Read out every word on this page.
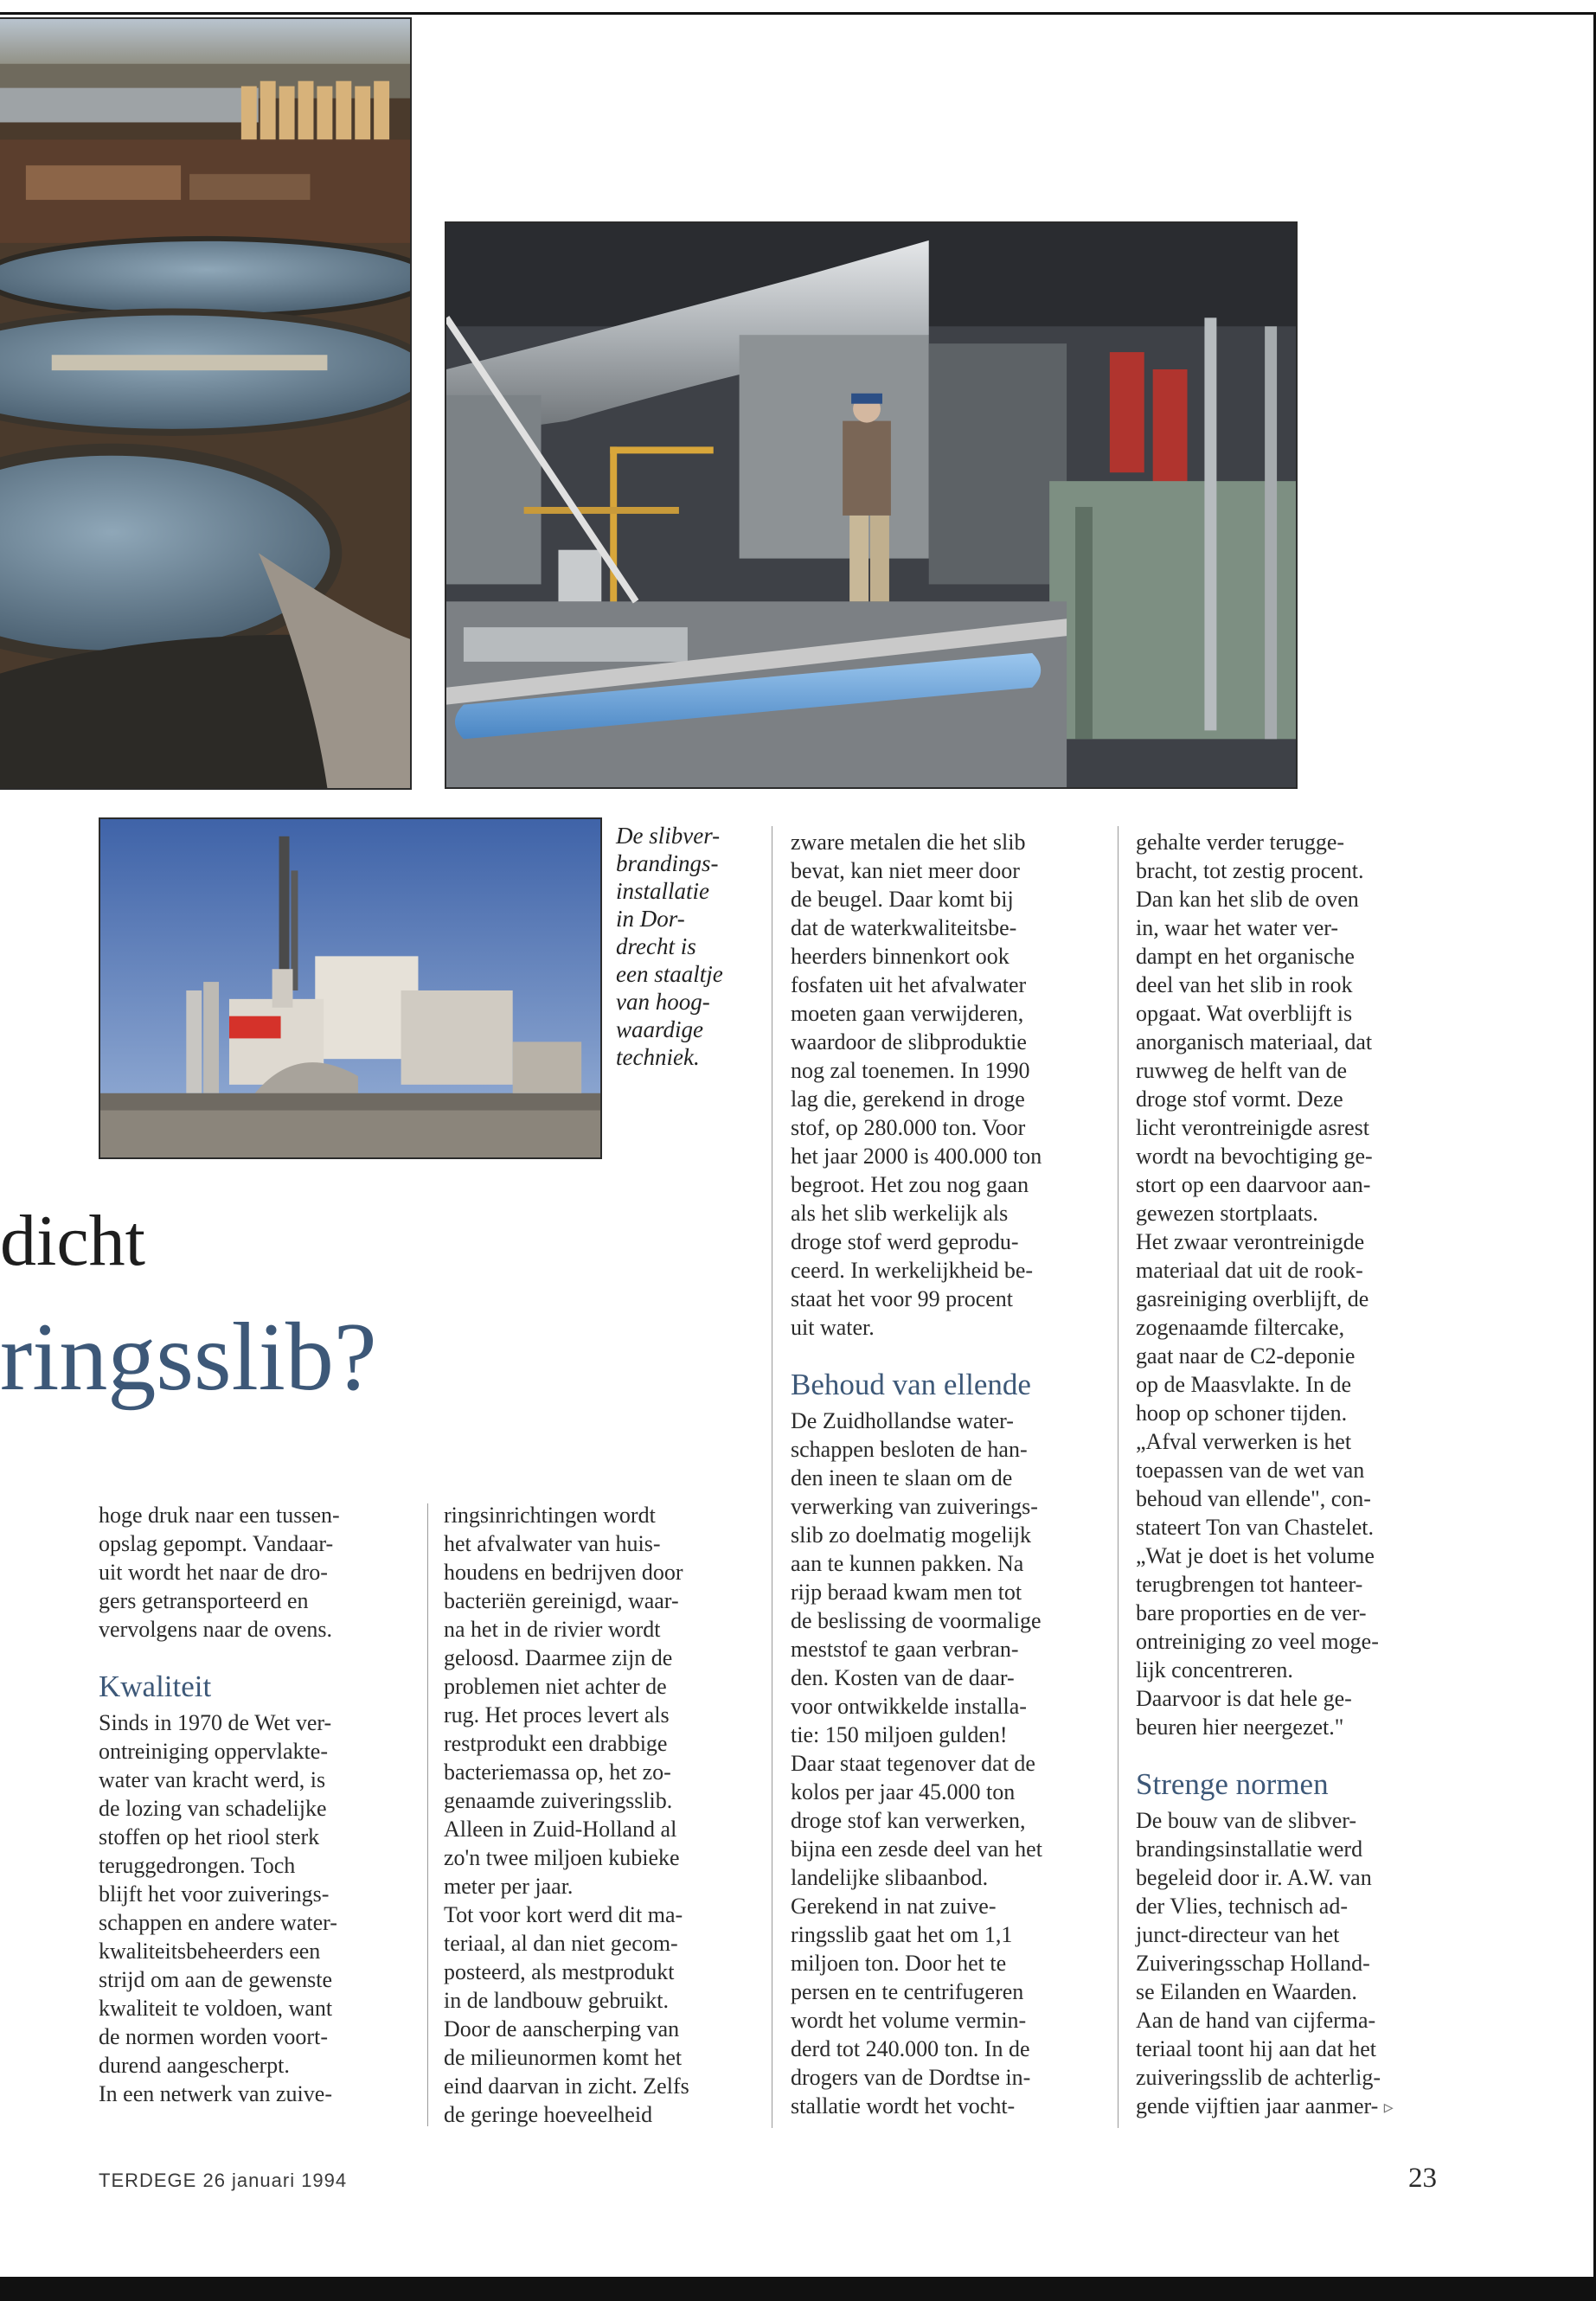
De slibver-
brandings-
installatie
in Dor-
drecht is
een staaltje
van hoog-
waardige
techniek.
dicht
ringsslib?
hoge druk naar een tussen-
opslag gepompt. Vandaar-
uit wordt het naar de dro-
gers getransporteerd en
vervolgens naar de ovens.
Kwaliteit
Sinds in 1970 de Wet ver-
ontreiniging oppervlakte-
water van kracht werd, is
de lozing van schadelijke
stoffen op het riool sterk
teruggedrongen. Toch
blijft het voor zuiverings-
schappen en andere water-
kwaliteitsbeheerders een
strijd om aan de gewenste
kwaliteit te voldoen, want
de normen worden voort-
durend aangescherpt.
In een netwerk van zuive-
ringsinrichtingen wordt
het afvalwater van huis-
houdens en bedrijven door
bacteriën gereinigd, waar-
na het in de rivier wordt
geloosd. Daarmee zijn de
problemen niet achter de
rug. Het proces levert als
restprodukt een drabbige
bacteriemassa op, het zo-
genaamde zuiveringsslib.
Alleen in Zuid-Holland al
zo'n twee miljoen kubieke
meter per jaar.
Tot voor kort werd dit ma-
teriaal, al dan niet gecom-
posteerd, als mestprodukt
in de landbouw gebruikt.
Door de aanscherping van
de milieunormen komt het
eind daarvan in zicht. Zelfs
de geringe hoeveelheid
zware metalen die het slib
bevat, kan niet meer door
de beugel. Daar komt bij
dat de waterkwaliteitsbe-
heerders binnenkort ook
fosfaten uit het afvalwater
moeten gaan verwijderen,
waardoor de slibproduktie
nog zal toenemen. In 1990
lag die, gerekend in droge
stof, op 280.000 ton. Voor
het jaar 2000 is 400.000 ton
begroot. Het zou nog gaan
als het slib werkelijk als
droge stof werd geprodu-
ceerd. In werkelijkheid be-
staat het voor 99 procent
uit water.
Behoud van ellende
De Zuidhollandse water-
schappen besloten de han-
den ineen te slaan om de
verwerking van zuiverings-
slib zo doelmatig mogelijk
aan te kunnen pakken. Na
rijp beraad kwam men tot
de beslissing de voormalige
meststof te gaan verbran-
den. Kosten van de daar-
voor ontwikkelde installa-
tie: 150 miljoen gulden!
Daar staat tegenover dat de
kolos per jaar 45.000 ton
droge stof kan verwerken,
bijna een zesde deel van het
landelijke slibaanbod.
Gerekend in nat zuive-
ringsslib gaat het om 1,1
miljoen ton. Door het te
persen en te centrifugeren
wordt het volume vermin-
derd tot 240.000 ton. In de
drogers van de Dordtse in-
stallatie wordt het vocht-
gehalte verder terugge-
bracht, tot zestig procent.
Dan kan het slib de oven
in, waar het water ver-
dampt en het organische
deel van het slib in rook
opgaat. Wat overblijft is
anorganisch materiaal, dat
ruwweg de helft van de
droge stof vormt. Deze
licht verontreinigde asrest
wordt na bevochtiging ge-
stort op een daarvoor aan-
gewezen stortplaats.
Het zwaar verontreinigde
materiaal dat uit de rook-
gasreiniging overblijft, de
zogenaamde filtercake,
gaat naar de C2-deponie
op de Maasvlakte. In de
hoop op schoner tijden.
„Afval verwerken is het
toepassen van de wet van
behoud van ellende", con-
stateert Ton van Chastelet.
„Wat je doet is het volume
terugbrengen tot hanteer-
bare proporties en de ver-
ontreiniging zo veel moge-
lijk concentreren.
Daarvoor is dat hele ge-
beuren hier neergezet."
Strenge normen
De bouw van de slibver-
brandingsinstallatie werd
begeleid door ir. A.W. van
der Vlies, technisch ad-
junct-directeur van het
Zuiveringsschap Holland-
se Eilanden en Waarden.
Aan de hand van cijferma-
teriaal toont hij aan dat het
zuiveringsslib de achterlig-
gende vijftien jaar aanmer- ▹
TERDEGE 26 januari 1994	23
